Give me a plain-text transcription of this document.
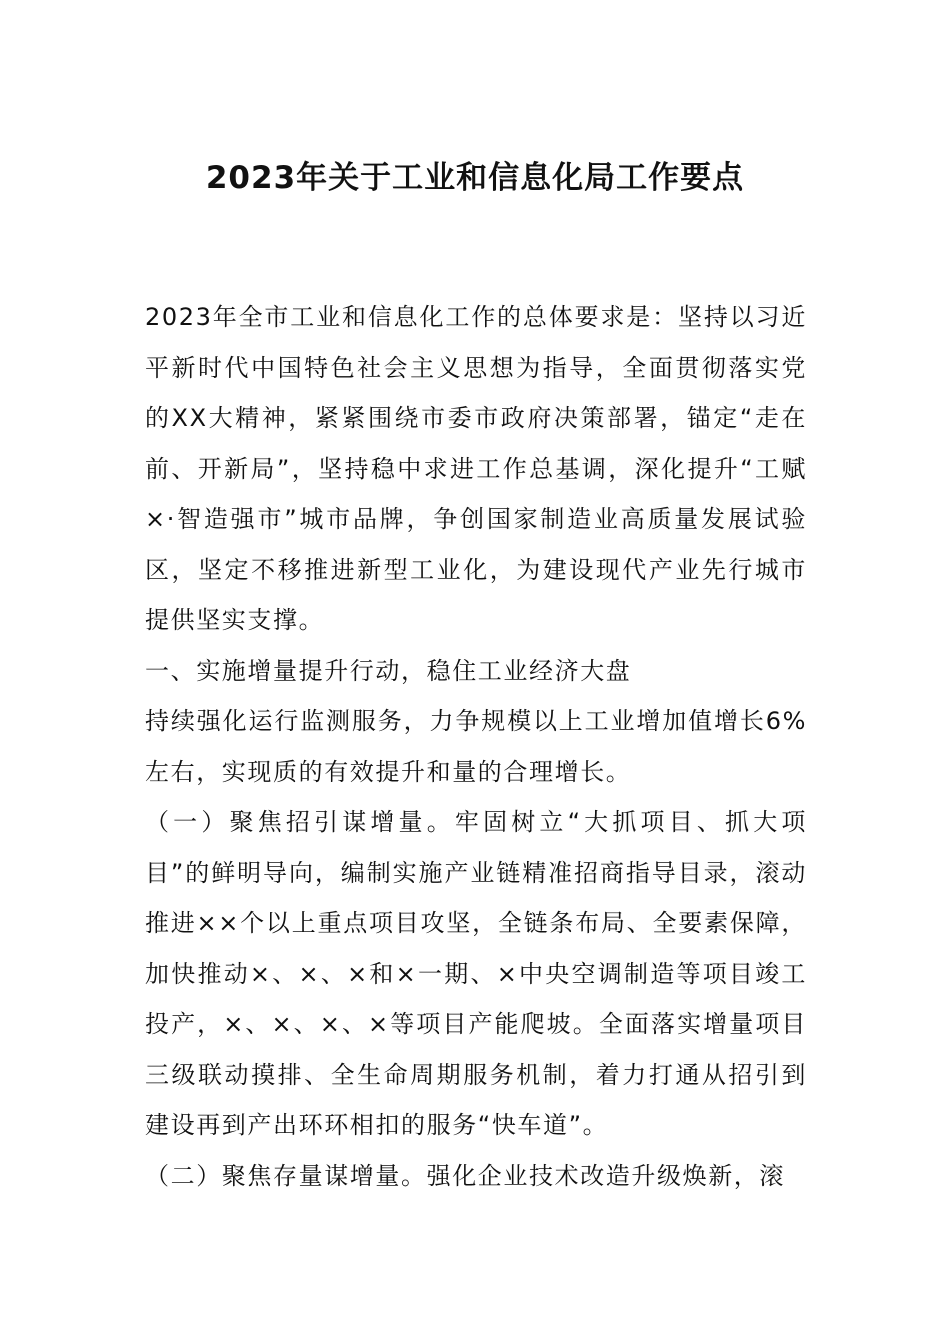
2023年关于工业和信息化局工作要点

2023年全市工业和信息化工作的总体要求是：坚持以习近平新时代中国特色社会主义思想为指导，全面贯彻落实党的XX大精神，紧紧围绕市委市政府决策部署，锚定“走在前、开新局”，坚持稳中求进工作总基调，深化提升“工赋×·智造强市”城市品牌，争创国家制造业高质量发展试验区，坚定不移推进新型工业化，为建设现代产业先行城市提供坚实支撑。

一、实施增量提升行动，稳住工业经济大盘

持续强化运行监测服务，力争规模以上工业增加值增长6%左右，实现质的有效提升和量的合理增长。

（一）聚焦招引谋增量。牢固树立“大抓项目、抓大项目”的鲜明导向，编制实施产业链精准招商指导目录，滚动推进××个以上重点项目攻坚，全链条布局、全要素保障，加快推动×、×、×和×一期、×中央空调制造等项目竣工投产，×、×、×、×等项目产能爬坡。全面落实增量项目三级联动摸排、全生命周期服务机制，着力打通从招引到建设再到产出环环相扣的服务“快车道”。

（二）聚焦存量谋增量。强化企业技术改造升级焕新，滚
